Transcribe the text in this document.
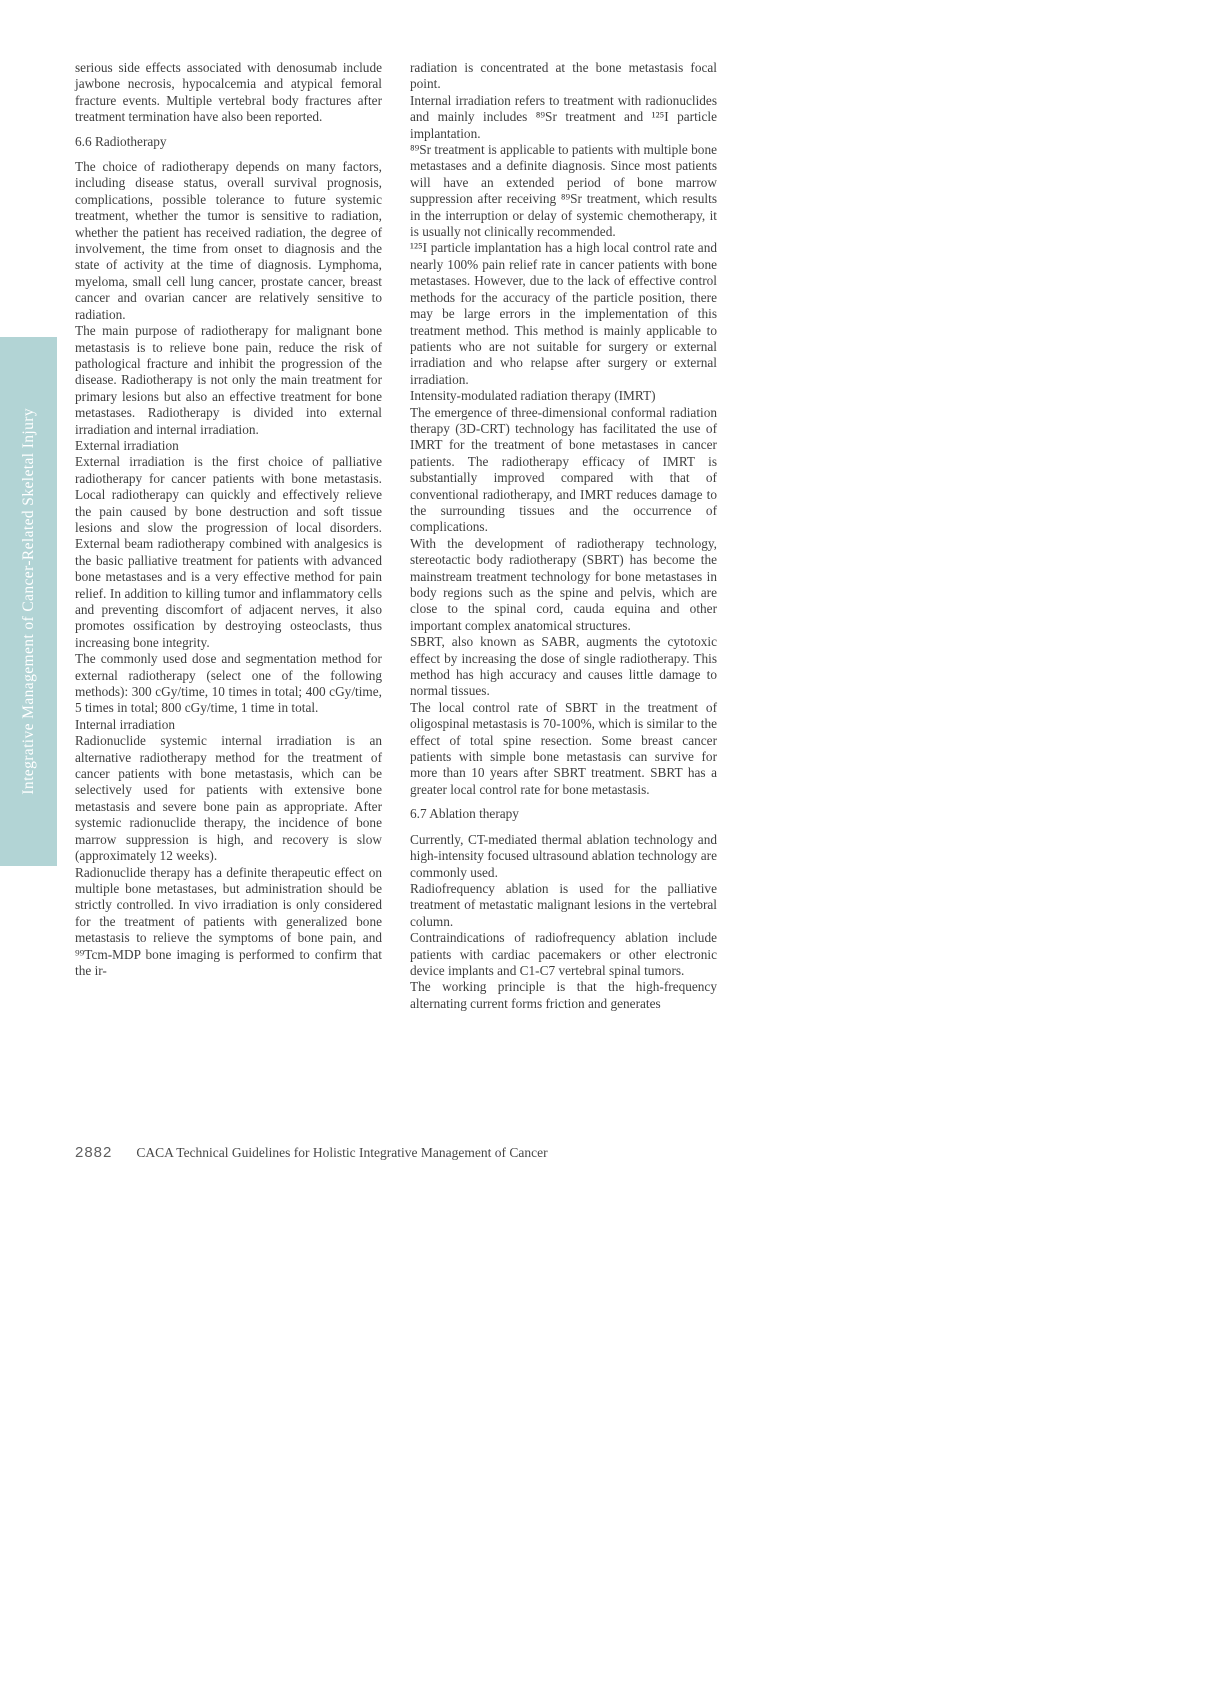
Integrative Management of Cancer-Related Skeletal Injury

serious side effects associated with denosumab include jawbone necrosis, hypocalcemia and atypical femoral fracture events. Multiple vertebral body fractures after treatment termination have also been reported.

6.6 Radiotherapy

The choice of radiotherapy depends on many factors, including disease status, overall survival prognosis, complications, possible tolerance to future systemic treatment, whether the tumor is sensitive to radiation, whether the patient has received radiation, the degree of involvement, the time from onset to diagnosis and the state of activity at the time of diagnosis. Lymphoma, myeloma, small cell lung cancer, prostate cancer, breast cancer and ovarian cancer are relatively sensitive to radiation.

The main purpose of radiotherapy for malignant bone metastasis is to relieve bone pain, reduce the risk of pathological fracture and inhibit the progression of the disease. Radiotherapy is not only the main treatment for primary lesions but also an effective treatment for bone metastases. Radiotherapy is divided into external irradiation and internal irradiation.

External irradiation

External irradiation is the first choice of palliative radiotherapy for cancer patients with bone metastasis. Local radiotherapy can quickly and effectively relieve the pain caused by bone destruction and soft tissue lesions and slow the progression of local disorders. External beam radiotherapy combined with analgesics is the basic palliative treatment for patients with advanced bone metastases and is a very effective method for pain relief. In addition to killing tumor and inflammatory cells and preventing discomfort of adjacent nerves, it also promotes ossification by destroying osteoclasts, thus increasing bone integrity.

The commonly used dose and segmentation method for external radiotherapy (select one of the following methods): 300 cGy/time, 10 times in total; 400 cGy/time, 5 times in total; 800 cGy/time, 1 time in total.

Internal irradiation

Radionuclide systemic internal irradiation is an alternative radiotherapy method for the treatment of cancer patients with bone metastasis, which can be selectively used for patients with extensive bone metastasis and severe bone pain as appropriate. After systemic radionuclide therapy, the incidence of bone marrow suppression is high, and recovery is slow (approximately 12 weeks).

Radionuclide therapy has a definite therapeutic effect on multiple bone metastases, but administration should be strictly controlled. In vivo irradiation is only considered for the treatment of patients with generalized bone metastasis to relieve the symptoms of bone pain, and ⁹⁹Tcm-MDP bone imaging is performed to confirm that the ir-

radiation is concentrated at the bone metastasis focal point.

Internal irradiation refers to treatment with radionuclides and mainly includes ⁸⁹Sr treatment and ¹²⁵I particle implantation.

⁸⁹Sr treatment is applicable to patients with multiple bone metastases and a definite diagnosis. Since most patients will have an extended period of bone marrow suppression after receiving ⁸⁹Sr treatment, which results in the interruption or delay of systemic chemotherapy, it is usually not clinically recommended.

¹²⁵I particle implantation has a high local control rate and nearly 100% pain relief rate in cancer patients with bone metastases. However, due to the lack of effective control methods for the accuracy of the particle position, there may be large errors in the implementation of this treatment method. This method is mainly applicable to patients who are not suitable for surgery or external irradiation and who relapse after surgery or external irradiation.

Intensity-modulated radiation therapy (IMRT)

The emergence of three-dimensional conformal radiation therapy (3D-CRT) technology has facilitated the use of IMRT for the treatment of bone metastases in cancer patients. The radiotherapy efficacy of IMRT is substantially improved compared with that of conventional radiotherapy, and IMRT reduces damage to the surrounding tissues and the occurrence of complications.

With the development of radiotherapy technology, stereotactic body radiotherapy (SBRT) has become the mainstream treatment technology for bone metastases in body regions such as the spine and pelvis, which are close to the spinal cord, cauda equina and other important complex anatomical structures.

SBRT, also known as SABR, augments the cytotoxic effect by increasing the dose of single radiotherapy. This method has high accuracy and causes little damage to normal tissues.

The local control rate of SBRT in the treatment of oligospinal metastasis is 70-100%, which is similar to the effect of total spine resection. Some breast cancer patients with simple bone metastasis can survive for more than 10 years after SBRT treatment. SBRT has a greater local control rate for bone metastasis.

6.7 Ablation therapy

Currently, CT-mediated thermal ablation technology and high-intensity focused ultrasound ablation technology are commonly used.

Radiofrequency ablation is used for the palliative treatment of metastatic malignant lesions in the vertebral column.

Contraindications of radiofrequency ablation include patients with cardiac pacemakers or other electronic device implants and C1-C7 vertebral spinal tumors.

The working principle is that the high-frequency alternating current forms friction and generates

2882 CACA Technical Guidelines for Holistic Integrative Management of Cancer
